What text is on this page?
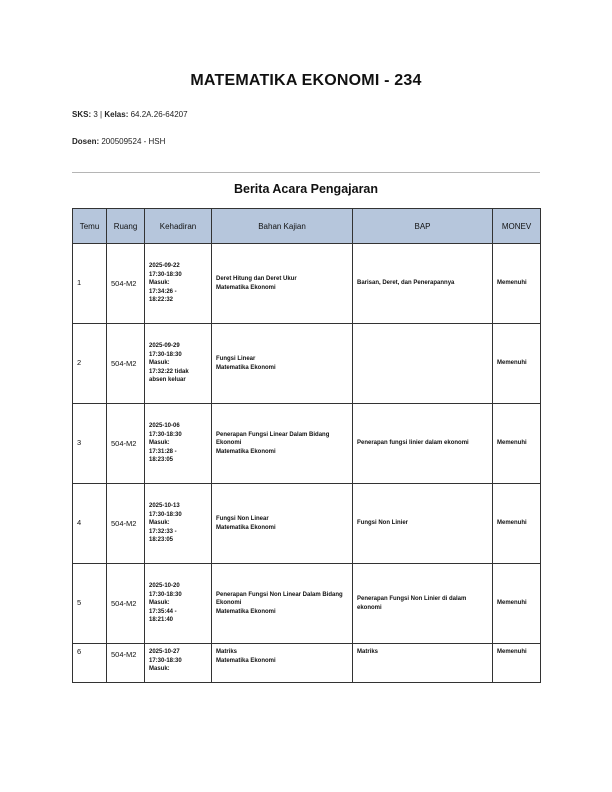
MATEMATIKA EKONOMI - 234
SKS: 3 | Kelas: 64.2A.26-64207
Dosen: 200509524 - HSH
Berita Acara Pengajaran
Temu	Ruang	Kehadiran	Bahan Kajian	BAP	MONEV
1	504-M2	2025-09-22
17:30-18:30
Masuk:
17:34:26 -
18:22:32	Deret Hitung dan Deret Ukur
Matematika Ekonomi	Barisan, Deret, dan Penerapannya	Memenuhi
2	504-M2	2025-09-29
17:30-18:30
Masuk:
17:32:22 tidak
absen keluar	Fungsi Linear
Matematika Ekonomi		Memenuhi
3	504-M2	2025-10-06
17:30-18:30
Masuk:
17:31:28 -
18:23:05	Penerapan Fungsi Linear Dalam Bidang Ekonomi
Matematika Ekonomi	Penerapan fungsi linier dalam ekonomi	Memenuhi
4	504-M2	2025-10-13
17:30-18:30
Masuk:
17:32:33 -
18:23:05	Fungsi Non Linear
Matematika Ekonomi	Fungsi Non Linier	Memenuhi
5	504-M2	2025-10-20
17:30-18:30
Masuk:
17:35:44 -
18:21:40	Penerapan Fungsi Non Linear Dalam Bidang Ekonomi
Matematika Ekonomi	Penerapan Fungsi Non Linier di dalam ekonomi	Memenuhi
6	504-M2	2025-10-27
17:30-18:30
Masuk:	Matriks
Matematika Ekonomi	Matriks	Memenuhi
